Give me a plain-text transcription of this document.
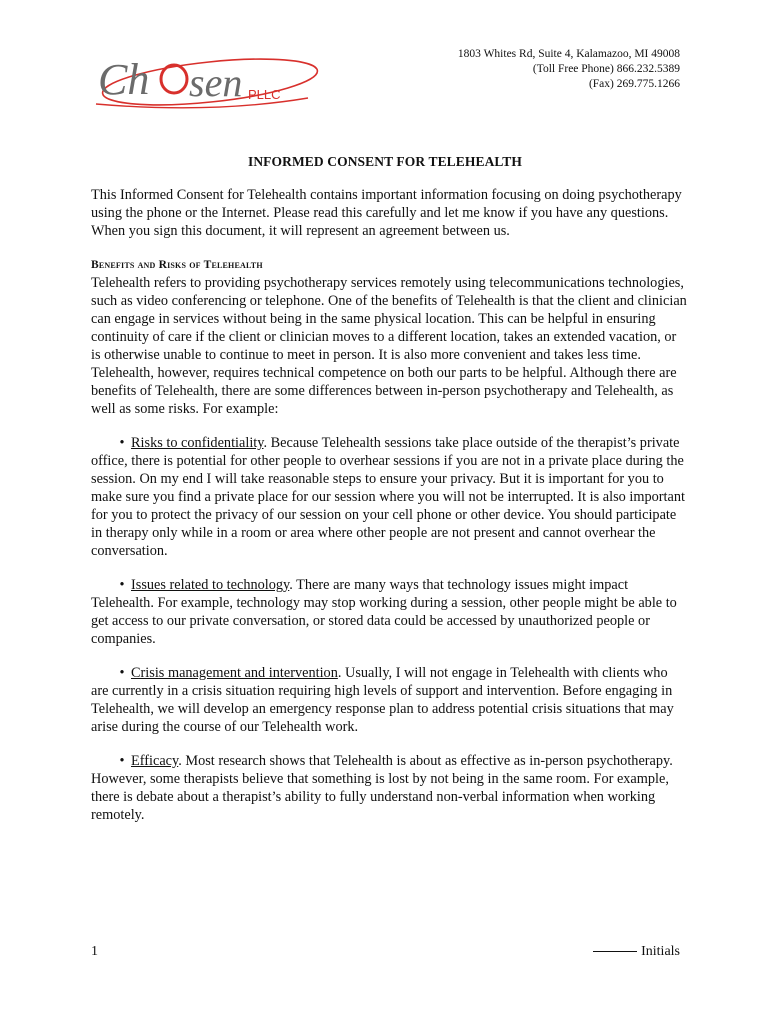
Ch sen PLLC
1803 Whites Rd, Suite 4, Kalamazoo, MI 49008
(Toll Free Phone) 866.232.5389
(Fax) 269.775.1266
INFORMED CONSENT FOR TELEHEALTH

This Informed Consent for Telehealth contains important information focusing on doing psychotherapy using the phone or the Internet. Please read this carefully and let me know if you have any questions. When you sign this document, it will represent an agreement between us.

Benefits and Risks of Telehealth

Telehealth refers to providing psychotherapy services remotely using telecommunications technologies, such as video conferencing or telephone. One of the benefits of Telehealth is that the client and clinician can engage in services without being in the same physical location. This can be helpful in ensuring continuity of care if the client or clinician moves to a different location, takes an extended vacation, or is otherwise unable to continue to meet in person. It is also more convenient and takes less time. Telehealth, however, requires technical competence on both our parts to be helpful. Although there are benefits of Telehealth, there are some differences between in-person psychotherapy and Telehealth, as well as some risks. For example:

• Risks to confidentiality. Because Telehealth sessions take place outside of the therapist’s private office, there is potential for other people to overhear sessions if you are not in a private place during the session. On my end I will take reasonable steps to ensure your privacy. But it is important for you to make sure you find a private place for our session where you will not be interrupted. It is also important for you to protect the privacy of our session on your cell phone or other device. You should participate in therapy only while in a room or area where other people are not present and cannot overhear the conversation.

• Issues related to technology. There are many ways that technology issues might impact Telehealth. For example, technology may stop working during a session, other people might be able to get access to our private conversation, or stored data could be accessed by unauthorized people or companies.

• Crisis management and intervention. Usually, I will not engage in Telehealth with clients who are currently in a crisis situation requiring high levels of support and intervention. Before engaging in Telehealth, we will develop an emergency response plan to address potential crisis situations that may arise during the course of our Telehealth work.

• Efficacy. Most research shows that Telehealth is about as effective as in-person psychotherapy. However, some therapists believe that something is lost by not being in the same room. For example, there is debate about a therapist’s ability to fully understand non-verbal information when working remotely.

1	Initials
